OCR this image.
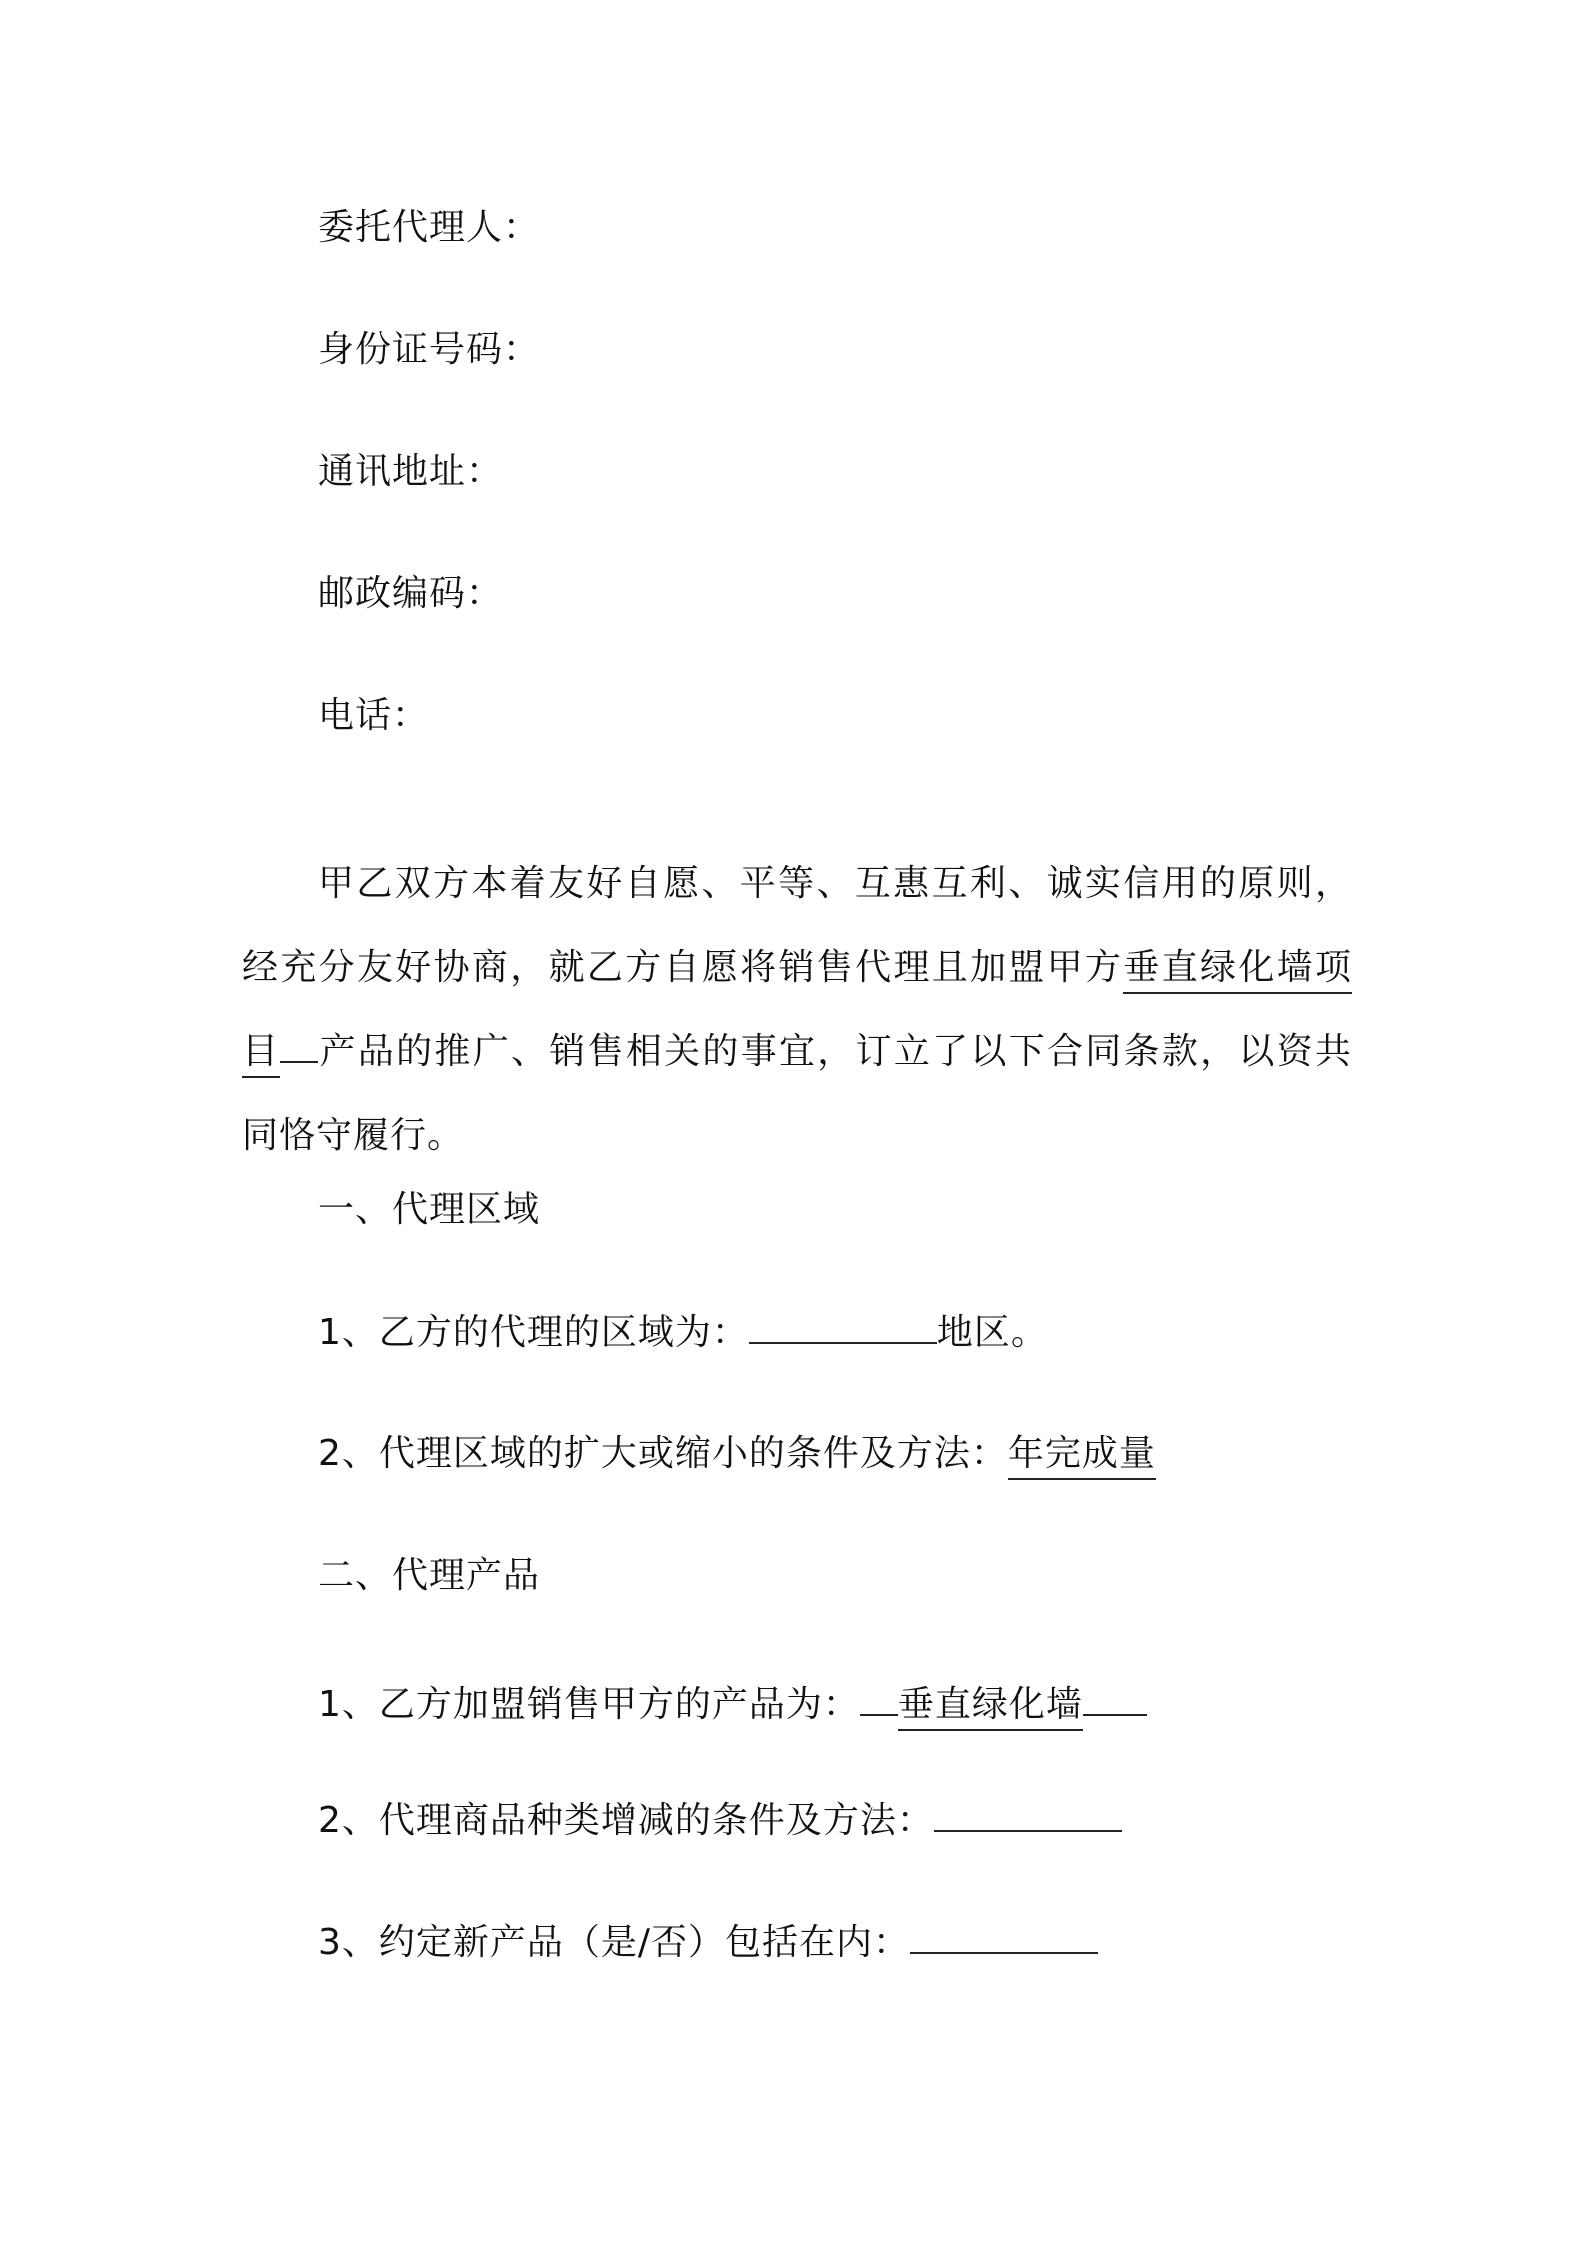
委托代理人：
身份证号码：
通讯地址：
邮政编码：
电话：

甲乙双方本着友好自愿、平等、互惠互利、诚实信用的原则，经充分友好协商，就乙方自愿将销售代理且加盟甲方垂直绿化墙项目 产品的推广、销售相关的事宜，订立了以下合同条款，以资共同恪守履行。

一、代理区域
1、乙方的代理的区域为：	地区。
2、代理区域的扩大或缩小的条件及方法：年完成量
二、代理产品
1、乙方加盟销售甲方的产品为： 垂直绿化墙
2、代理商品种类增减的条件及方法：
3、约定新产品（是/否）包括在内：
